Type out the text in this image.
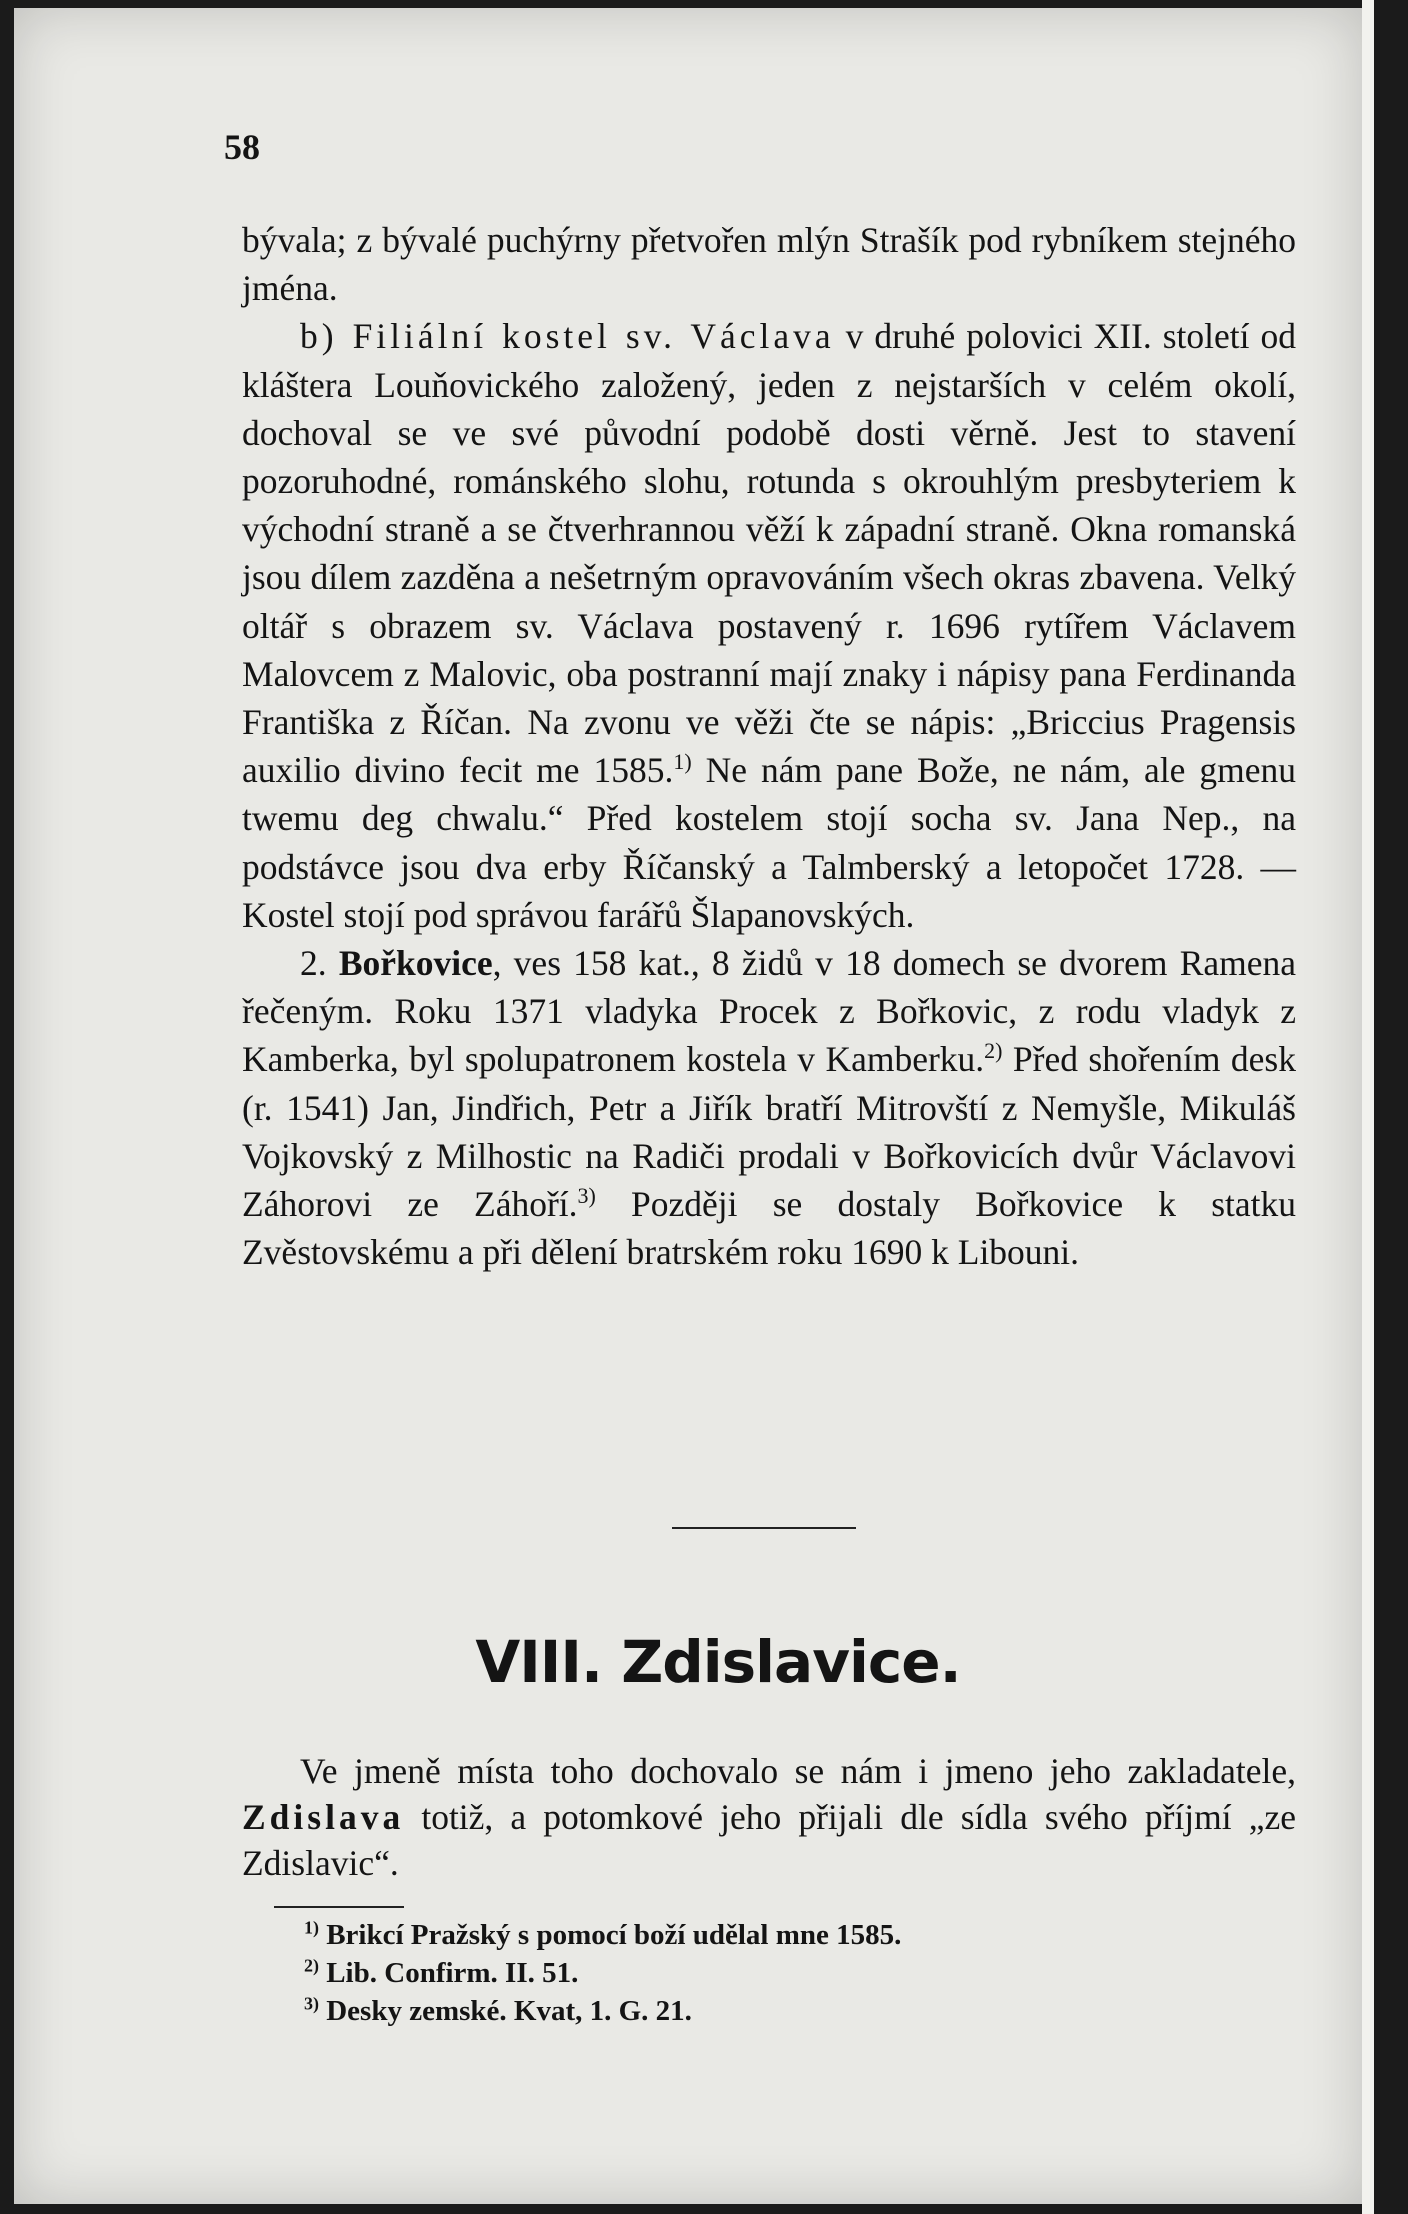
58

bývala; z bývalé puchýrny přetvořen mlýn Strašík pod rybníkem stejného jména.

b) Filiální kostel sv. Václava v druhé polovici XII. století od kláštera Louňovického založený, jeden z nejstarších v celém okolí, dochoval se ve své původní podobě dosti věrně. Jest to stavení pozoruhodné, románského slohu, rotunda s okrouhlým presbyteriem k východní straně a se čtverhrannou věží k západní straně. Okna romanská jsou dílem zazděna a nešetrným opravováním všech okras zbavena. Velký oltář s obrazem sv. Václava postavený r. 1696 rytířem Václavem Malovcem z Malovic, oba postranní mají znaky i nápisy pana Ferdinanda Františka z Říčan. Na zvonu ve věži čte se nápis: „Briccius Pragensis auxilio divino fecit me 1585.$^{1)}$ Ne nám pane Bože, ne nám, ale gmenu twemu deg chwalu.“ Před kostelem stojí socha sv. Jana Nep., na podstávce jsou dva erby Říčanský a Talmberský a letopočet 1728. — Kostel stojí pod správou farářů Šlapanovských.

2. Bořkovice, ves 158 kat., 8 židů v 18 domech se dvorem Ramena řečeným. Roku 1371 vladyka Procek z Bořkovic, z rodu vladyk z Kamberka, byl spolupatronem kostela v Kamberku.$^{2)}$ Před shořením desk (r. 1541) Jan, Jindřich, Petr a Jiřík bratří Mitrovští z Nemyšle, Mikuláš Vojkovský z Milhostic na Radiči prodali v Bořkovicích dvůr Václavovi Záhorovi ze Záhoří.$^{3)}$ Později se dostaly Bořkovice k statku Zvěstovskému a při dělení bratrském roku 1690 k Libouni.

VIII. Zdislavice.

Ve jmeně místa toho dochovalo se nám i jmeno jeho zakladatele, Zdislava totiž, a potomkové jeho přijali dle sídla svého příjmí „ze Zdislavic“.

$^{1)}$ Brikcí Pražský s pomocí boží udělal mne 1585.
$^{2)}$ Lib. Confirm. II. 51.
$^{3)}$ Desky zemské. Kvat, 1. G. 21.
